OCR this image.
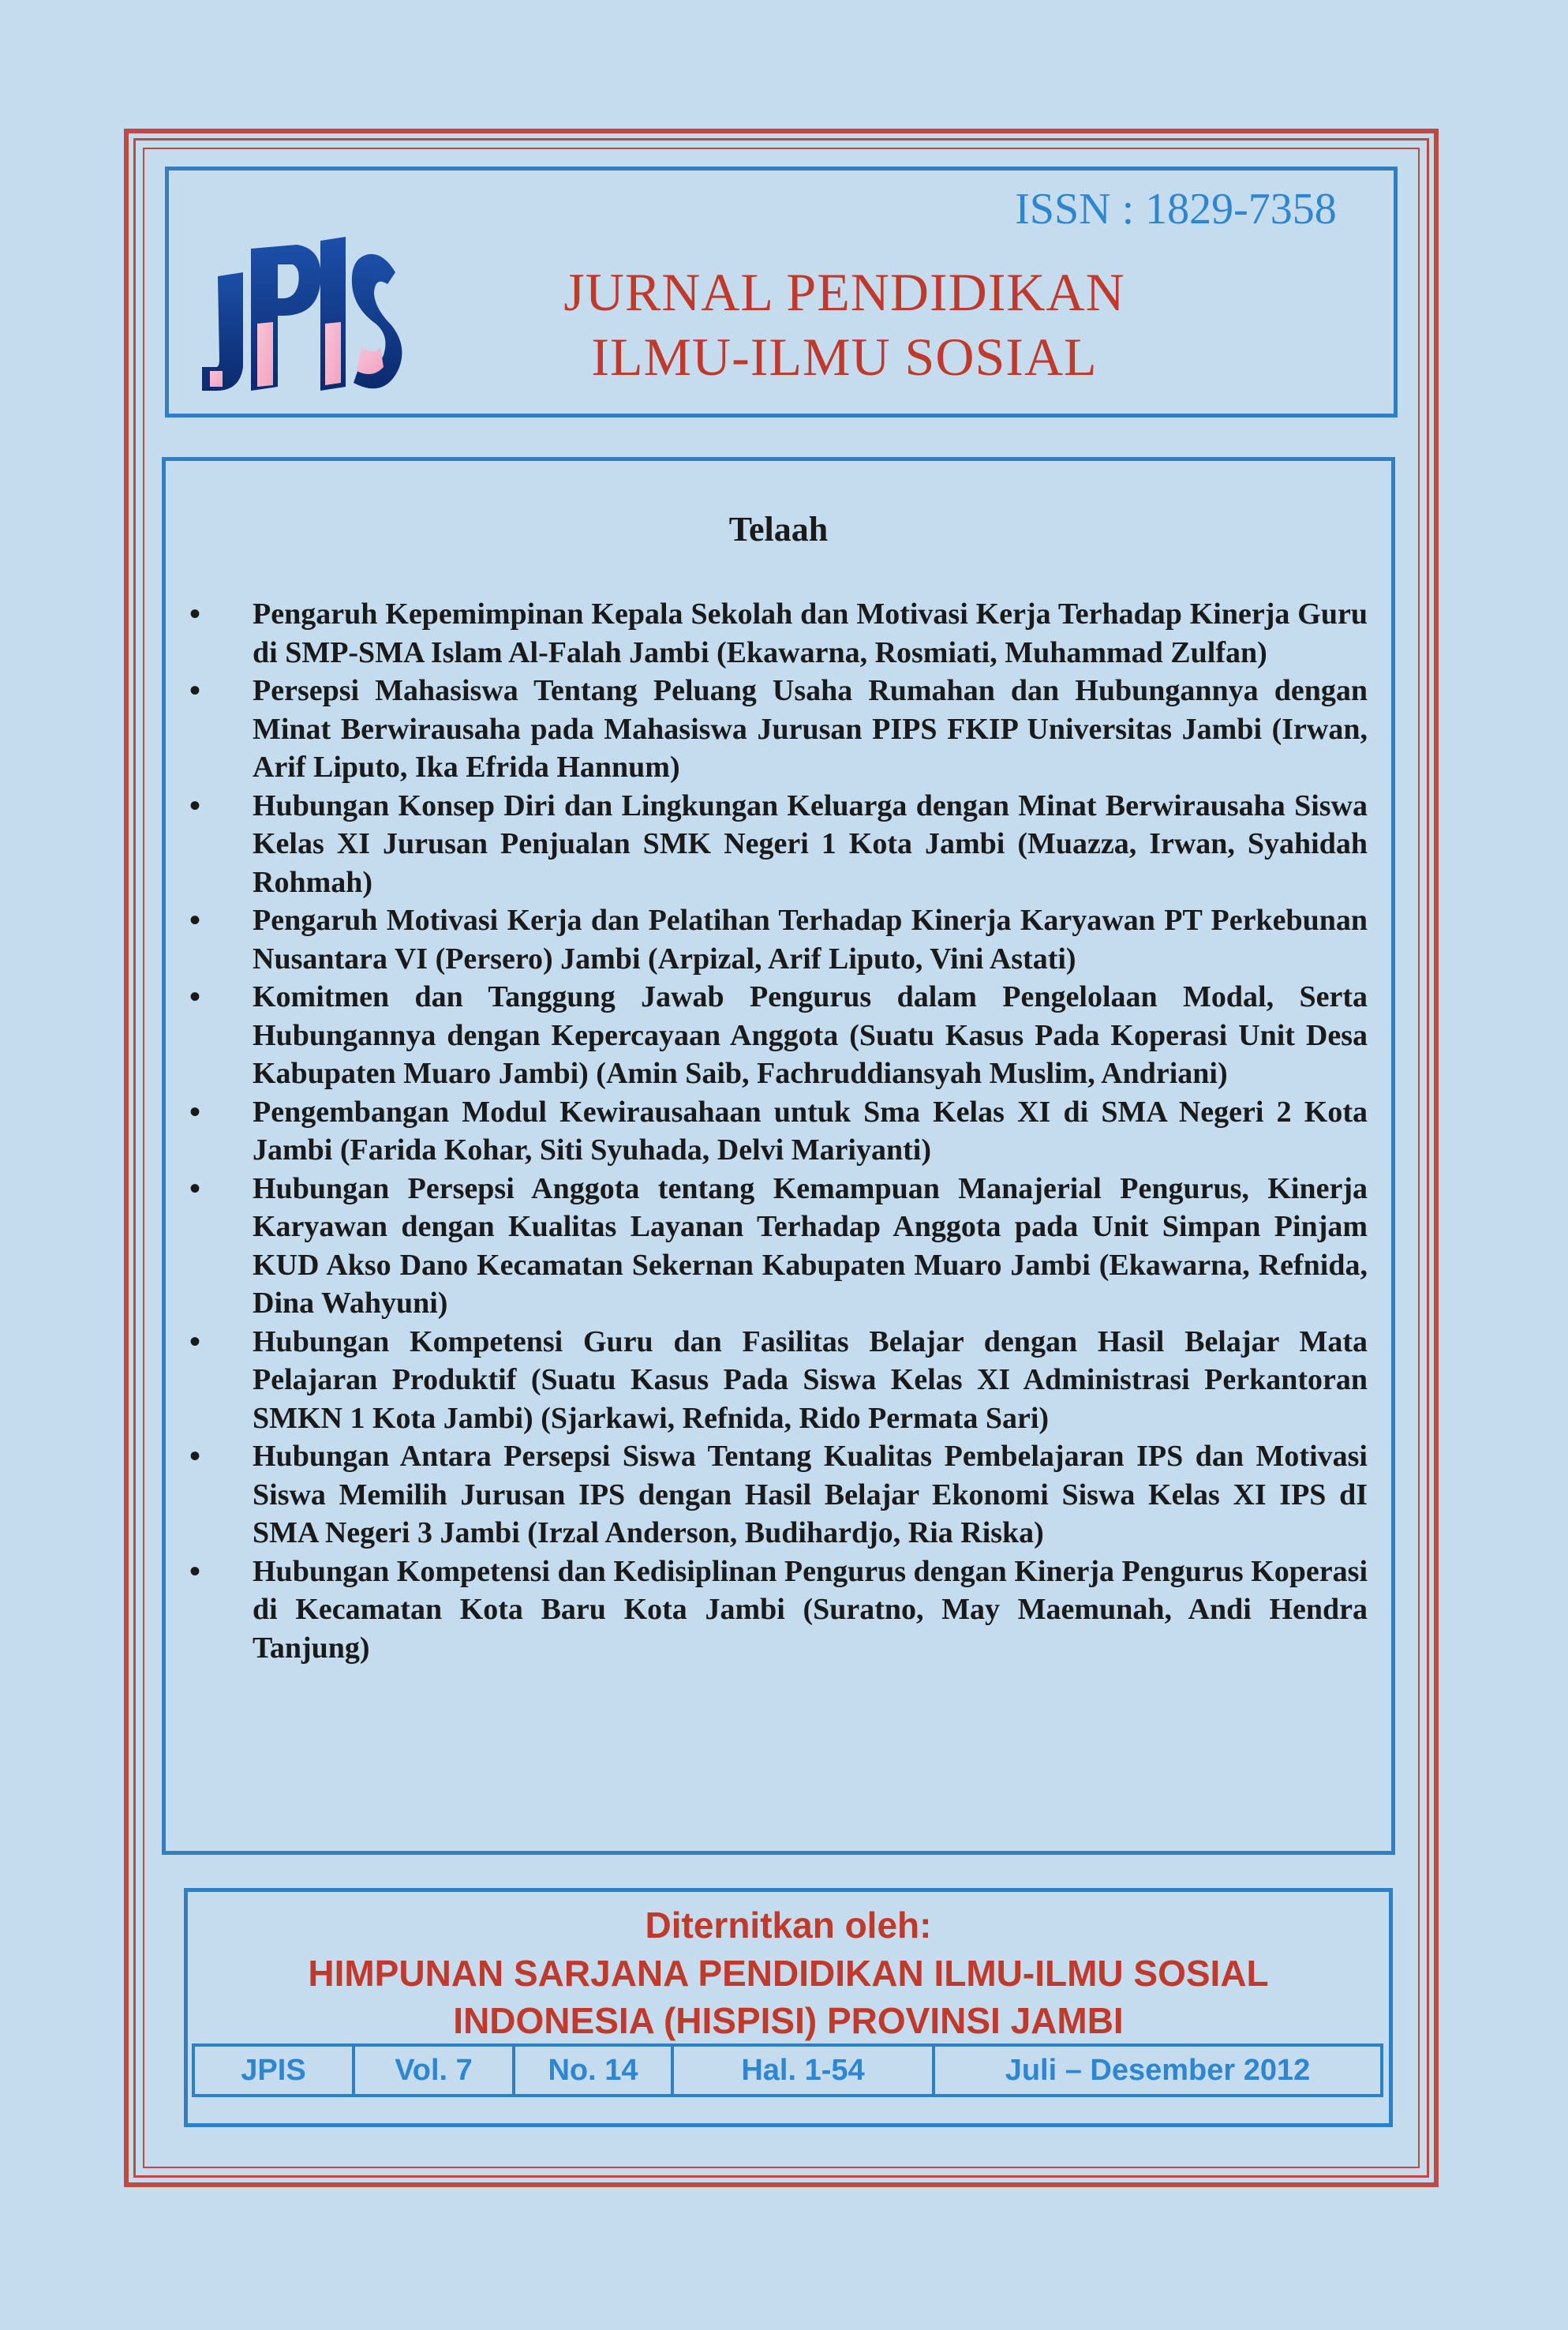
ISSN : 1829-7358
JURNAL PENDIDIKAN
ILMU-ILMU SOSIAL
Telaah
• Pengaruh Kepemimpinan Kepala Sekolah dan Motivasi Kerja Terhadap Kinerja Guru di SMP-SMA Islam Al-Falah Jambi (Ekawarna, Rosmiati, Muhammad Zulfan)
• Persepsi Mahasiswa Tentang Peluang Usaha Rumahan dan Hubungannya dengan Minat Berwirausaha pada Mahasiswa Jurusan PIPS FKIP Universitas Jambi (Irwan, Arif Liputo, Ika Efrida Hannum)
• Hubungan Konsep Diri dan Lingkungan Keluarga dengan Minat Berwirausaha Siswa Kelas XI Jurusan Penjualan SMK Negeri 1 Kota Jambi (Muazza, Irwan, Syahidah Rohmah)
• Pengaruh Motivasi Kerja dan Pelatihan Terhadap Kinerja Karyawan PT Perkebunan Nusantara VI (Persero) Jambi (Arpizal, Arif Liputo, Vini Astati)
• Komitmen dan Tanggung Jawab Pengurus dalam Pengelolaan Modal, Serta Hubungannya dengan Kepercayaan Anggota (Suatu Kasus Pada Koperasi Unit Desa Kabupaten Muaro Jambi) (Amin Saib, Fachruddiansyah Muslim, Andriani)
• Pengembangan Modul Kewirausahaan untuk Sma Kelas XI di SMA Negeri 2 Kota Jambi (Farida Kohar, Siti Syuhada, Delvi Mariyanti)
• Hubungan Persepsi Anggota tentang Kemampuan Manajerial Pengurus, Kinerja Karyawan dengan Kualitas Layanan Terhadap Anggota pada Unit Simpan Pinjam KUD Akso Dano Kecamatan Sekernan Kabupaten Muaro Jambi (Ekawarna, Refnida, Dina Wahyuni)
• Hubungan Kompetensi Guru dan Fasilitas Belajar dengan Hasil Belajar Mata Pelajaran Produktif (Suatu Kasus Pada Siswa Kelas XI Administrasi Perkantoran SMKN 1 Kota Jambi) (Sjarkawi, Refnida, Rido Permata Sari)
• Hubungan Antara Persepsi Siswa Tentang Kualitas Pembelajaran IPS dan Motivasi Siswa Memilih Jurusan IPS dengan Hasil Belajar Ekonomi Siswa Kelas XI IPS dI SMA Negeri 3 Jambi (Irzal Anderson, Budihardjo, Ria Riska)
• Hubungan Kompetensi dan Kedisiplinan Pengurus dengan Kinerja Pengurus Koperasi di Kecamatan Kota Baru Kota Jambi (Suratno, May Maemunah, Andi Hendra Tanjung)
Diternitkan oleh:
HIMPUNAN SARJANA PENDIDIKAN ILMU-ILMU SOSIAL
INDONESIA (HISPISI) PROVINSI JAMBI
JPIS	Vol. 7	No. 14	Hal. 1-54	Juli – Desember 2012
